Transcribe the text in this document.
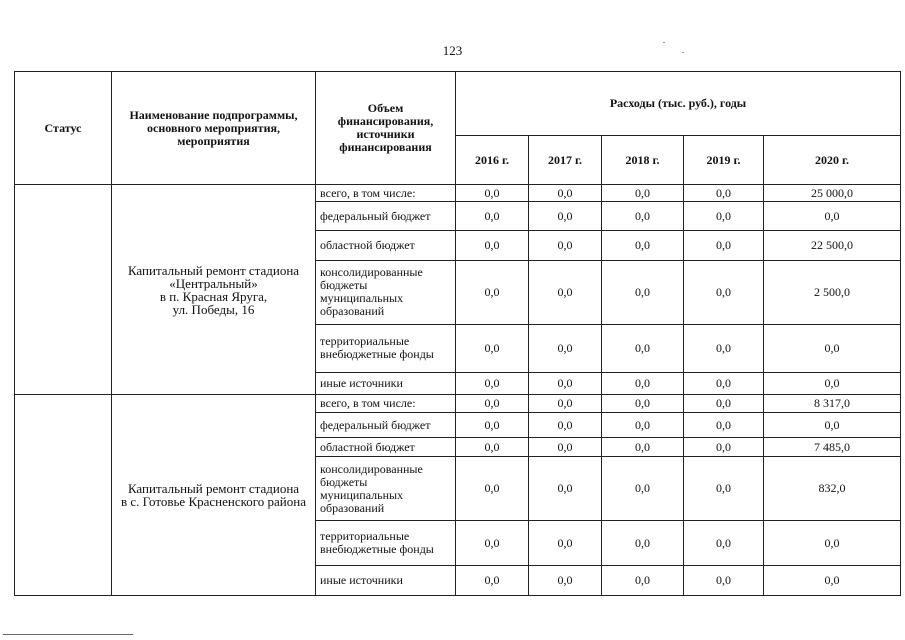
123
Статус	Наименование подпрограммы, основного мероприятия, мероприятия	Объем финансирования, источники финансирования	Расходы (тыс. руб.), годы				
			2016 г.	2017 г.	2018 г.	2019 г.	2020 г.

	Капитальный ремонт стадиона
«Центральный»
в п. Красная Яруга,
ул. Победы, 16	всего, в том числе:	0,0	0,0	0,0	0,0	25 000,0
		федеральный бюджет	0,0	0,0	0,0	0,0	0,0
		областной бюджет	0,0	0,0	0,0	0,0	22 500,0

		консолидированные
бюджеты
муниципальных
образований	0,0	0,0	0,0	0,0	2 500,0

		территориальные
внебюджетные фонды	0,0	0,0	0,0	0,0	0,0
		иные источники	0,0	0,0	0,0	0,0	0,0

	Капитальный ремонт стадиона
в с. Готовье Красненского района	всего, в том числе:	0,0	0,0	0,0	0,0	8 317,0
		федеральный бюджет	0,0	0,0	0,0	0,0	0,0
		областной бюджет	0,0	0,0	0,0	0,0	7 485,0

		консолидированные
бюджеты
муниципальных
образований	0,0	0,0	0,0	0,0	832,0

		территориальные
внебюджетные фонды	0,0	0,0	0,0	0,0	0,0
		иные источники	0,0	0,0	0,0	0,0	0,0
